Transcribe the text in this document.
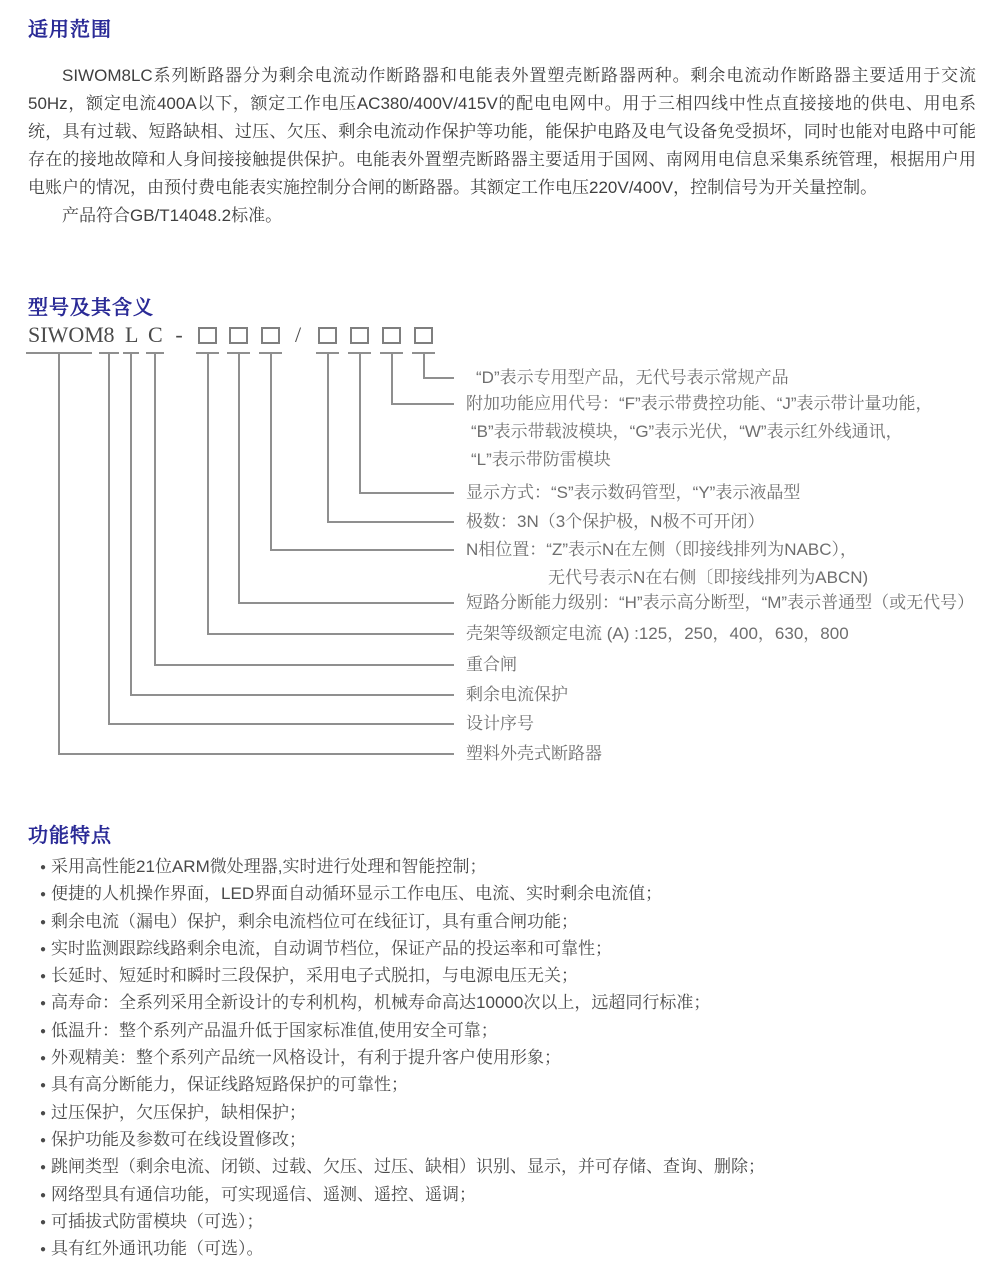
适用范围

SIWOM8LC系列断路器分为剩余电流动作断路器和电能表外置塑壳断路器两种。剩余电流动作断路器主要适用于交流50Hz，额定电流400A以下，额定工作电压AC380/400V/415V的配电电网中。用于三相四线中性点直接接地的供电、用电系统，具有过载、短路缺相、过压、欠压、剩余电流动作保护等功能，能保护电路及电气设备免受损坏，同时也能对电路中可能存在的接地故障和人身间接接触提供保护。电能表外置塑壳断路器主要适用于国网、南网用电信息采集系统管理，根据用户用电账户的情况，由预付费电能表实施控制分合闸的断路器。其额定工作电压220V/400V，控制信号为开关量控制。

产品符合GB/T14048.2标准。

型号及其含义
SIWOM 8 L C -	/
“D”表示专用型产品，无代号表示常规产品
附加功能应用代号：“F”表示带费控功能、“J”表示带计量功能，
“B”表示带载波模块，“G”表示光伏，“W”表示红外线通讯，
“L”表示带防雷模块
显示方式：“S”表示数码管型，“Y”表示液晶型
极数：3N（3个保护极，N极不可开闭）
N相位置：“Z”表示N在左侧（即接线排列为NABC），
无代号表示N在右侧〔即接线排列为ABCN)
短路分断能力级别：“H”表示高分断型，“M”表示普通型（或无代号）
壳架等级额定电流 (A) :125，250，400，630，800
重合闸
剩余电流保护
设计序号
塑料外壳式断路器
功能特点
● 采用高性能21位ARM微处理器,实时进行处理和智能控制；
● 便捷的人机操作界面，LED界面自动循环显示工作电压、电流、实时剩余电流值；
● 剩余电流（漏电）保护，剩余电流档位可在线征订，具有重合闸功能；
● 实时监测跟踪线路剩余电流，自动调节档位，保证产品的投运率和可靠性；
● 长延时、短延时和瞬时三段保护，采用电子式脱扣，与电源电压无关；
● 高寿命：全系列采用全新设计的专利机构，机械寿命高达10000次以上，远超同行标准；
● 低温升：整个系列产品温升低于国家标准值,使用安全可靠；
● 外观精美：整个系列产品统一风格设计，有利于提升客户使用形象；
● 具有高分断能力，保证线路短路保护的可靠性；
● 过压保护，欠压保护，缺相保护；
● 保护功能及参数可在线设置修改；
● 跳闸类型（剩余电流、闭锁、过载、欠压、过压、缺相）识别、显示，并可存储、查询、删除；
● 网络型具有通信功能，可实现遥信、遥测、遥控、遥调；
● 可插拔式防雷模块（可选）；
● 具有红外通讯功能（可选）。
